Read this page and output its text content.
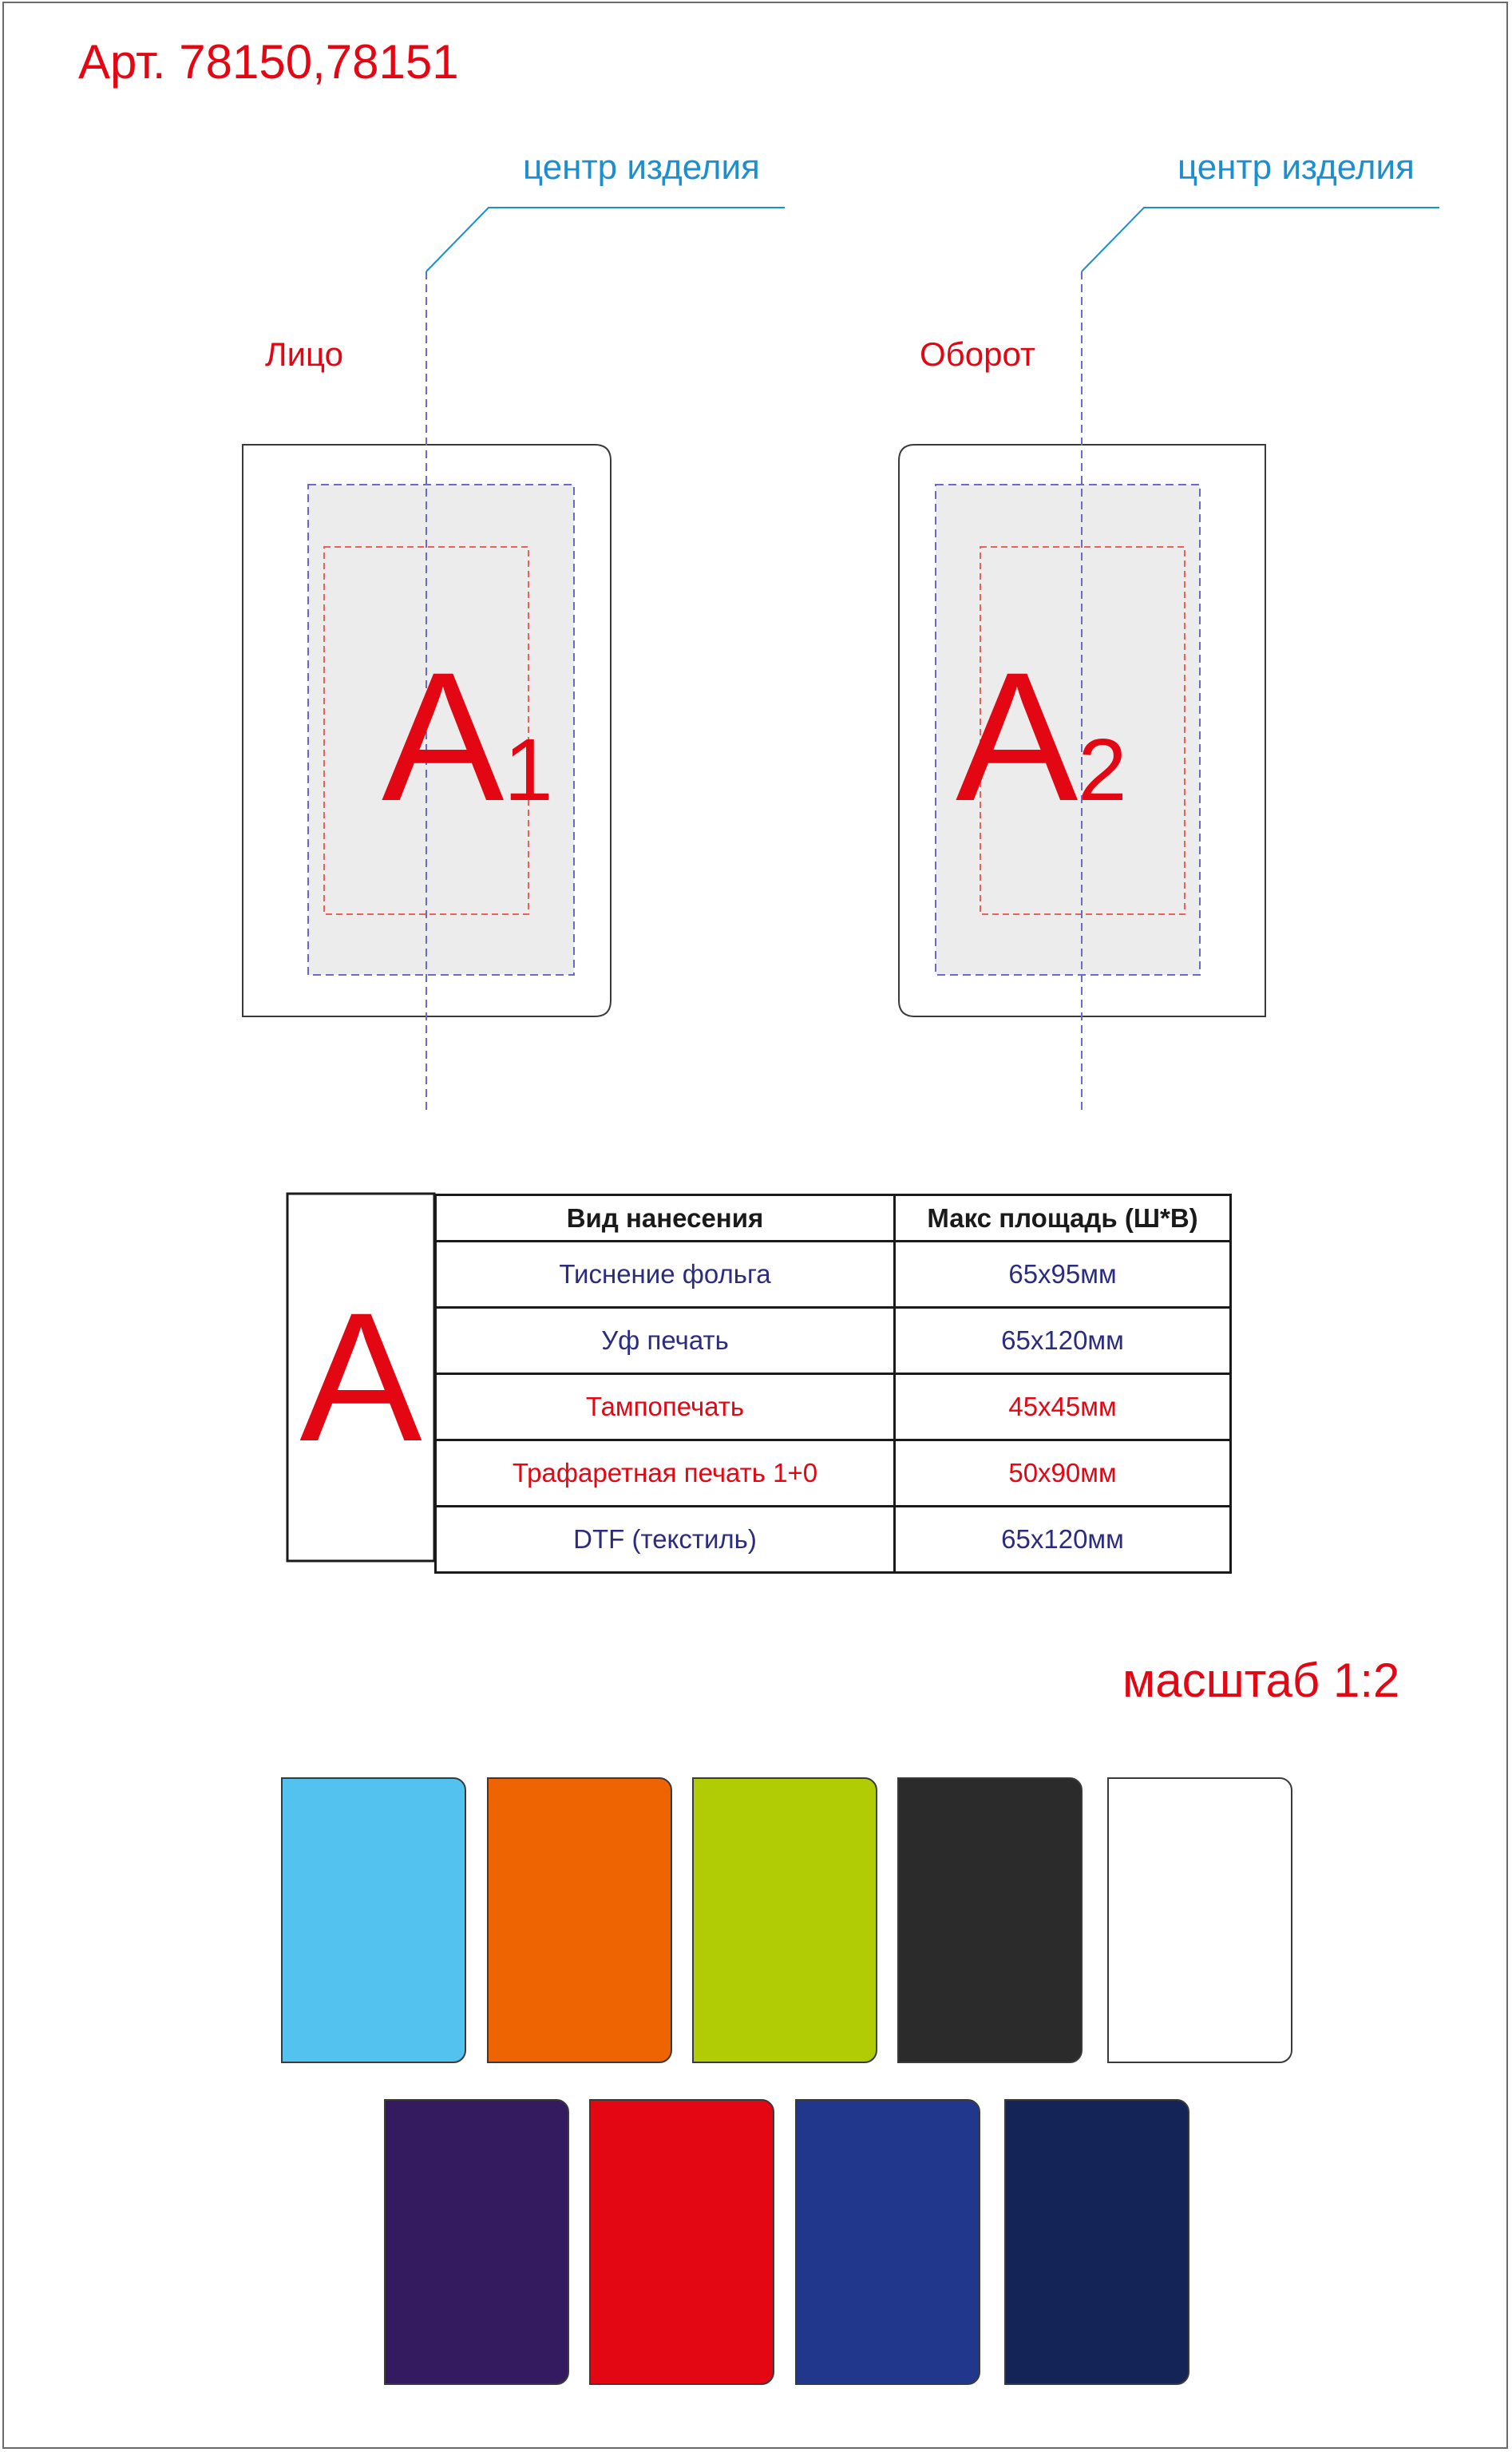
Арт. 78150,78151
Лицо	Оборот
центр изделия	центр изделия
A1 A2
A
Вид нанесения	Макс площадь (Ш*В)
Тиснение фольга	65х95мм
Уф печать	65х120мм
Тампопечать	45х45мм
Трафаретная печать 1+0	50х90мм
DTF (текстиль)	65х120мм
масштаб 1:2
